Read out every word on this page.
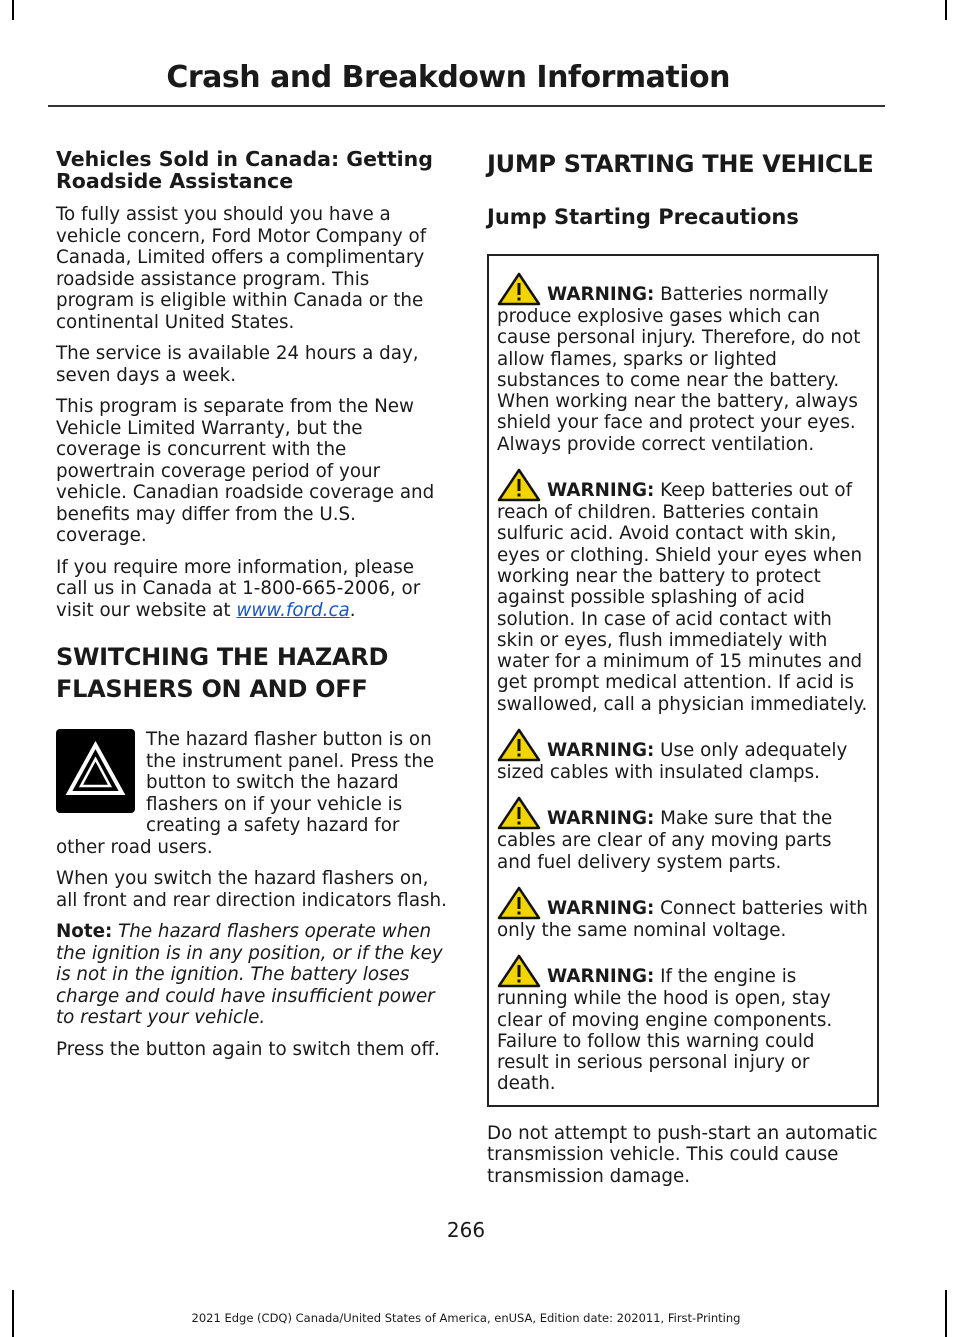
Crash and Breakdown Information
Vehicles Sold in Canada: Getting Roadside Assistance

To fully assist you should you have a vehicle concern, Ford Motor Company of Canada, Limited offers a complimentary roadside assistance program. This program is eligible within Canada or the continental United States.

The service is available 24 hours a day, seven days a week.

This program is separate from the New Vehicle Limited Warranty, but the coverage is concurrent with the powertrain coverage period of your vehicle. Canadian roadside coverage and benefits may differ from the U.S. coverage.

If you require more information, please call us in Canada at 1-800-665-2006, or visit our website at www.ford.ca.

SWITCHING THE HAZARD
FLASHERS ON AND OFF

The hazard flasher button is on the instrument panel. Press the button to switch the hazard flashers on if your vehicle is creating a safety hazard for other road users.

When you switch the hazard flashers on, all front and rear direction indicators flash.

Note: The hazard flashers operate when the ignition is in any position, or if the key is not in the ignition. The battery loses charge and could have insufficient power to restart your vehicle.

Press the button again to switch them off.

JUMP STARTING THE VEHICLE
Jump Starting Precautions

WARNING: Batteries normally produce explosive gases which can cause personal injury. Therefore, do not allow flames, sparks or lighted substances to come near the battery. When working near the battery, always shield your face and protect your eyes. Always provide correct ventilation.

WARNING: Keep batteries out of reach of children. Batteries contain sulfuric acid. Avoid contact with skin, eyes or clothing. Shield your eyes when working near the battery to protect against possible splashing of acid solution. In case of acid contact with skin or eyes, flush immediately with water for a minimum of 15 minutes and get prompt medical attention. If acid is swallowed, call a physician immediately.

WARNING: Use only adequately sized cables with insulated clamps.

WARNING: Make sure that the cables are clear of any moving parts and fuel delivery system parts.

WARNING: Connect batteries with only the same nominal voltage.

WARNING: If the engine is running while the hood is open, stay clear of moving engine components. Failure to follow this warning could result in serious personal injury or death.

Do not attempt to push-start an automatic transmission vehicle. This could cause transmission damage.

266
2021 Edge (CDQ) Canada/United States of America, enUSA, Edition date: 202011, First-Printing
